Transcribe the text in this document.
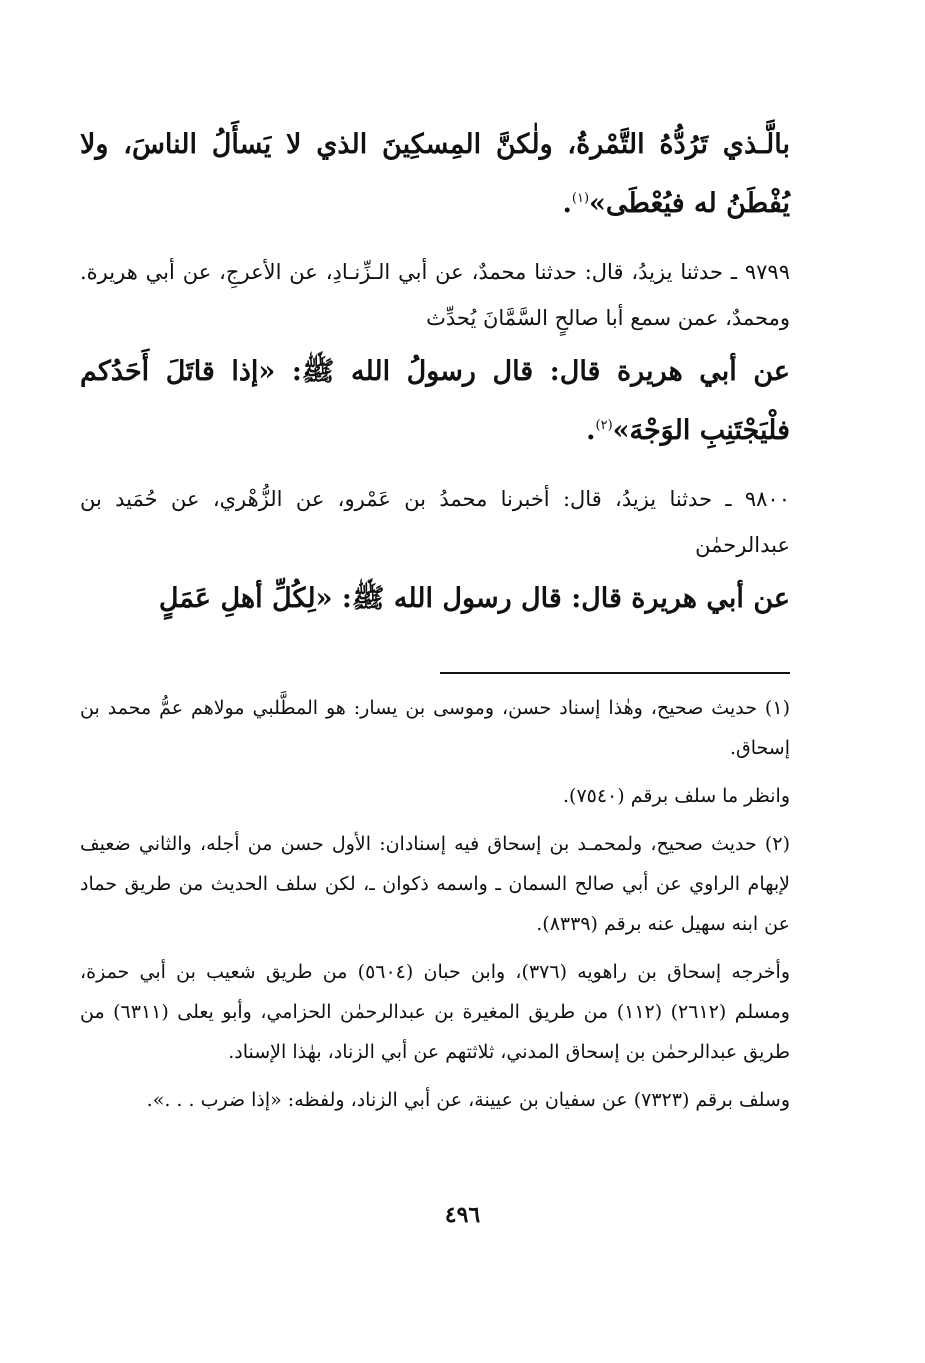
بالَّـذي تَرُدُّهُ التَّمْرةُ، ولٰكنَّ المِسكِينَ الذي لا يَسأَلُ الناسَ، ولا يُفْطَنُ له فيُعْطَى»$^{(١)}$.

٩٧٩٩ ـ حدثنا يزيدُ، قال: حدثنا محمدٌ، عن أبي الـزِّنـادِ، عن الأعرجِ، عن أبي هريرة. ومحمدٌ، عمن سمع أبا صالحٍ السَّمَّانَ يُحدِّث

عن أبي هريرة قال: قال رسولُ الله ﷺ: «إذا قاتَلَ أَحَدُكم فلْيَجْتَنِبِ الوَجْهَ»$^{(٢)}$.

٩٨٠٠ ـ حدثنا يزيدُ، قال: أخبرنا محمدُ بن عَمْرو، عن الزُّهْري، عن حُمَيد بن عبدالرحمٰن

عن أبي هريرة قال: قال رسول الله ﷺ: «لِكُلِّ أهلِ عَمَلٍ

(١) حديث صحيح، وهٰذا إسناد حسن، وموسى بن يسار: هو المطَّلبي مولاهم عمُّ محمد بن إسحاق.

وانظر ما سلف برقم (٧٥٤٠).

(٢) حديث صحيح، ولمحمـد بن إسحاق فيه إسنادان: الأول حسن من أجله، والثاني ضعيف لإبهام الراوي عن أبي صالح السمان ـ واسمه ذكوان ـ، لكن سلف الحديث من طريق حماد عن ابنه سهيل عنه برقم (٨٣٣٩).

وأخرجه إسحاق بن راهويه (٣٧٦)، وابن حبان (٥٦٠٤) من طريق شعيب بن أبي حمزة، ومسلم (٢٦١٢) (١١٢) من طريق المغيرة بن عبدالرحمٰن الحزامي، وأبو يعلى (٦٣١١) من طريق عبدالرحمٰن بن إسحاق المدني، ثلاثتهم عن أبي الزناد، بهٰذا الإسناد.

وسلف برقم (٧٣٢٣) عن سفيان بن عيينة، عن أبي الزناد، ولفظه: «إذا ضرب . . .».

٤٩٦
